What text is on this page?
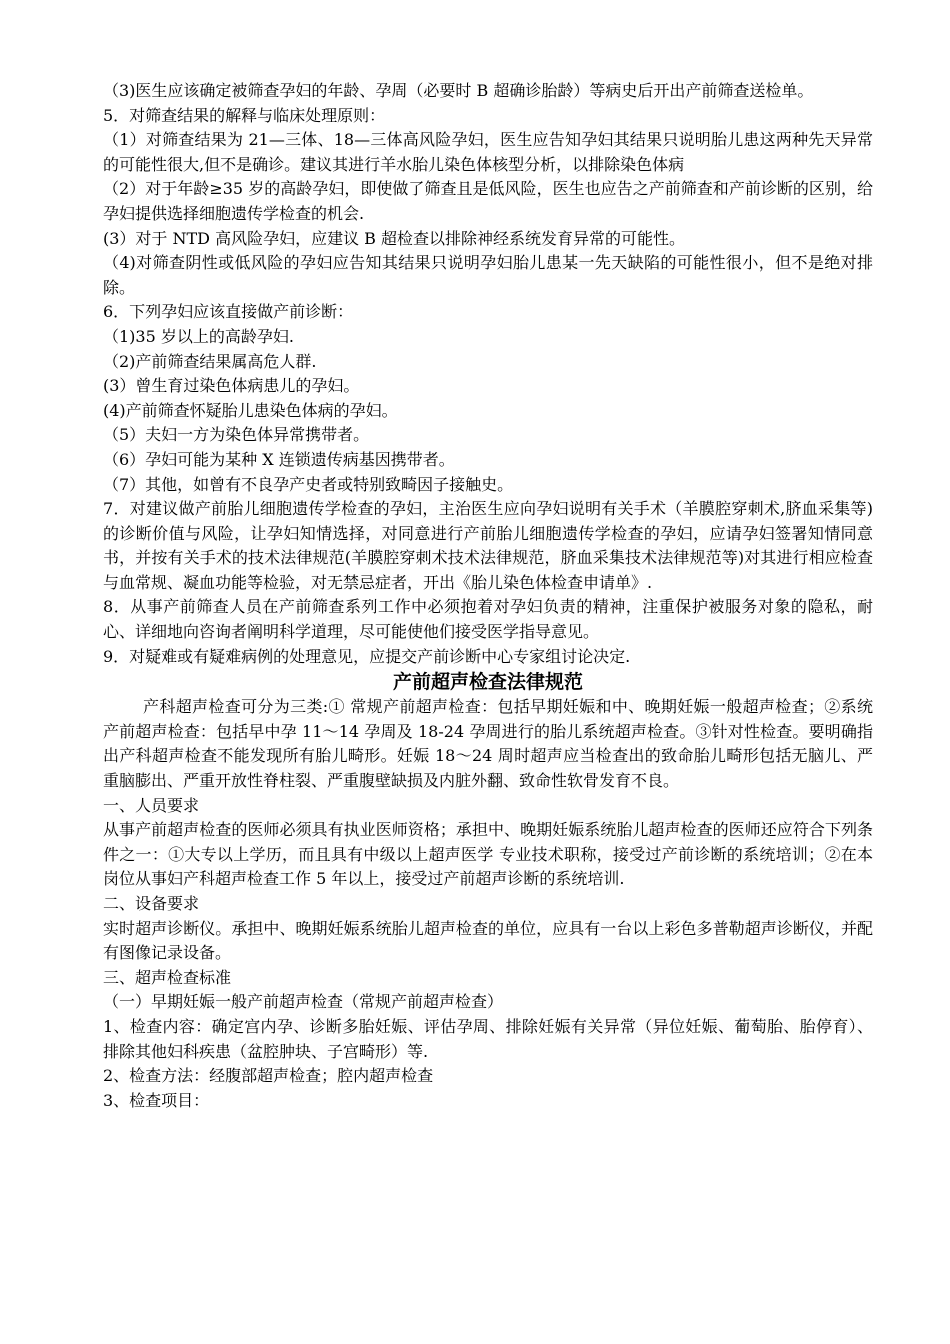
（3)医生应该确定被筛查孕妇的年龄、孕周（必要时 B 超确诊胎龄）等病史后开出产前筛查送检单。

5．对筛查结果的解释与临床处理原则：

（1）对筛查结果为 21—三体、18—三体高风险孕妇，医生应告知孕妇其结果只说明胎儿患这两种先天异常的可能性很大,但不是确诊。建议其进行羊水胎儿染色体核型分析，以排除染色体病

（2）对于年龄≥35 岁的高龄孕妇，即使做了筛查且是低风险，医生也应告之产前筛查和产前诊断的区别，给孕妇提供选择细胞遗传学检查的机会.

(3）对于 NTD 高风险孕妇，应建议 B 超检查以排除神经系统发育异常的可能性。

（4)对筛查阴性或低风险的孕妇应告知其结果只说明孕妇胎儿患某一先天缺陷的可能性很小，但不是绝对排除。

6．下列孕妇应该直接做产前诊断：

（1)35 岁以上的高龄孕妇.

（2)产前筛查结果属高危人群.

(3）曾生育过染色体病患儿的孕妇。

(4)产前筛查怀疑胎儿患染色体病的孕妇。

（5）夫妇一方为染色体异常携带者。

（6）孕妇可能为某种 X 连锁遗传病基因携带者。

（7）其他，如曾有不良孕产史者或特别致畸因子接触史。

7．对建议做产前胎儿细胞遗传学检查的孕妇，主治医生应向孕妇说明有关手术（羊膜腔穿刺术,脐血采集等)的诊断价值与风险，让孕妇知情选择，对同意进行产前胎儿细胞遗传学检查的孕妇，应请孕妇签署知情同意书，并按有关手术的技术法律规范(羊膜腔穿刺术技术法律规范，脐血采集技术法律规范等)对其进行相应检查与血常规、凝血功能等检验，对无禁忌症者，开出《胎儿染色体检查申请单》.

8．从事产前筛查人员在产前筛查系列工作中必须抱着对孕妇负责的精神，注重保护被服务对象的隐私，耐心、详细地向咨询者阐明科学道理，尽可能使他们接受医学指导意见。

9．对疑难或有疑难病例的处理意见，应提交产前诊断中心专家组讨论决定.

产前超声检查法律规范

产科超声检查可分为三类:① 常规产前超声检查：包括早期妊娠和中、晚期妊娠一般超声检查；②系统产前超声检查：包括早中孕 11～14 孕周及 18-24 孕周进行的胎儿系统超声检查。③针对性检查。要明确指出产科超声检查不能发现所有胎儿畸形。妊娠 18～24 周时超声应当检查出的致命胎儿畸形包括无脑儿、严重脑膨出、严重开放性脊柱裂、严重腹壁缺损及内脏外翻、致命性软骨发育不良。

一、人员要求

从事产前超声检查的医师必须具有执业医师资格；承担中、晚期妊娠系统胎儿超声检查的医师还应符合下列条件之一：①大专以上学历，而且具有中级以上超声医学 专业技术职称，接受过产前诊断的系统培训；②在本岗位从事妇产科超声检查工作 5 年以上，接受过产前超声诊断的系统培训.

二、设备要求

实时超声诊断仪。承担中、晚期妊娠系统胎儿超声检查的单位，应具有一台以上彩色多普勒超声诊断仪，并配有图像记录设备。

三、超声检查标准

（一）早期妊娠一般产前超声检查（常规产前超声检查）

1、检查内容：确定宫内孕、诊断多胎妊娠、评估孕周、排除妊娠有关异常（异位妊娠、葡萄胎、胎停育）、排除其他妇科疾患（盆腔肿块、子宫畸形）等.

2、检查方法：经腹部超声检查；腔内超声检查

3、检查项目：
